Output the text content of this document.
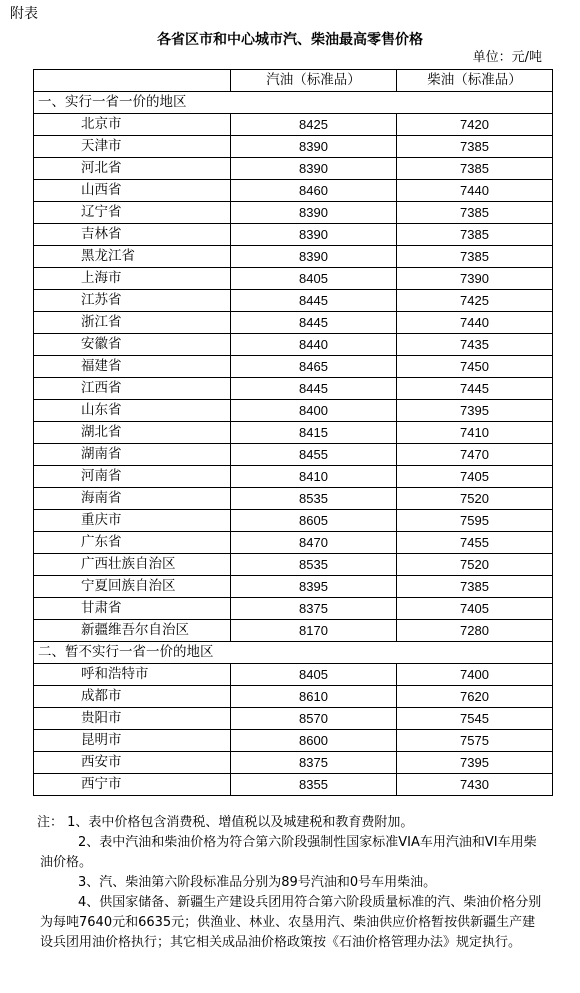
附表
各省区市和中心城市汽、柴油最高零售价格
单位：元/吨
	汽油（标准品）	柴油（标准品）
一、实行一省一价的地区		
北京市	8425	7420
天津市	8390	7385
河北省	8390	7385
山西省	8460	7440
辽宁省	8390	7385
吉林省	8390	7385
黑龙江省	8390	7385
上海市	8405	7390
江苏省	8445	7425
浙江省	8445	7440
安徽省	8440	7435
福建省	8465	7450
江西省	8445	7445
山东省	8400	7395
湖北省	8415	7410
湖南省	8455	7470
河南省	8410	7405
海南省	8535	7520
重庆市	8605	7595
广东省	8470	7455
广西壮族自治区	8535	7520
宁夏回族自治区	8395	7385
甘肃省	8375	7405
新疆维吾尔自治区	8170	7280
二、暂不实行一省一价的地区		
呼和浩特市	8405	7400
成都市	8610	7620
贵阳市	8570	7545
昆明市	8600	7575
西安市	8375	7395
西宁市	8355	7430

注： 1、表中价格包含消费税、增值税以及城建税和教育费附加。

2、表中汽油和柴油价格为符合第六阶段强制性国家标准VIA车用汽油和VI车用柴油价格。

3、汽、柴油第六阶段标准品分别为89号汽油和0号车用柴油。

4、供国家储备、新疆生产建设兵团用符合第六阶段质量标准的汽、柴油价格分别为每吨7640元和6635元；供渔业、林业、农垦用汽、柴油供应价格暂按供新疆生产建设兵团用油价格执行；其它相关成品油价格政策按《石油价格管理办法》规定执行。
